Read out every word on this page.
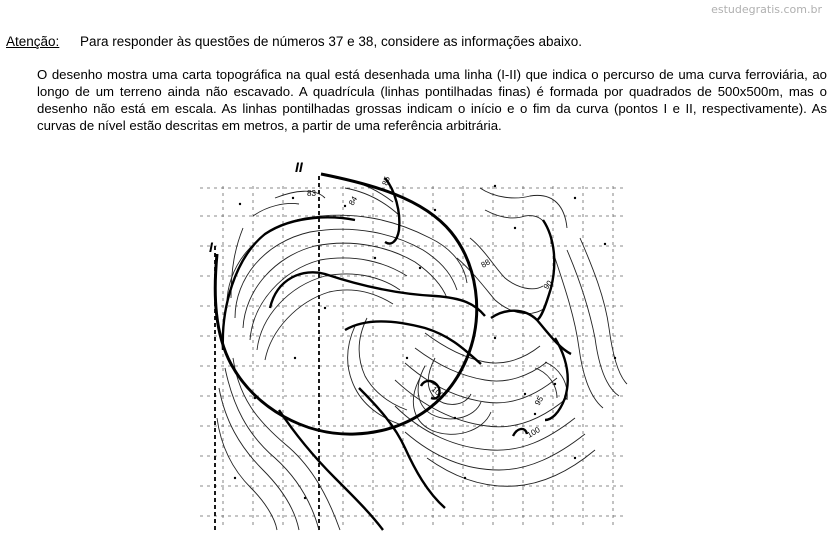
estudegratis.com.br
Atenção: Para responder às questões de números 37 e 38, considere as informações abaixo.
O desenho mostra uma carta topográfica na qual está desenhada uma linha (I-II) que indica o percurso de uma curva ferroviária, ao longo de um terreno ainda não escavado. A quadrícula (linhas pontilhadas finas) é formada por quadrados de 500x500m, mas o desenho não está em escala. As linhas pontilhadas grossas indicam o início e o fim da curva (pontos I e II, respectivamente). As curvas de nível estão descritas em metros, a partir de uma referência arbitrária.
II
I
83
84
85
88
90
95
100
100
